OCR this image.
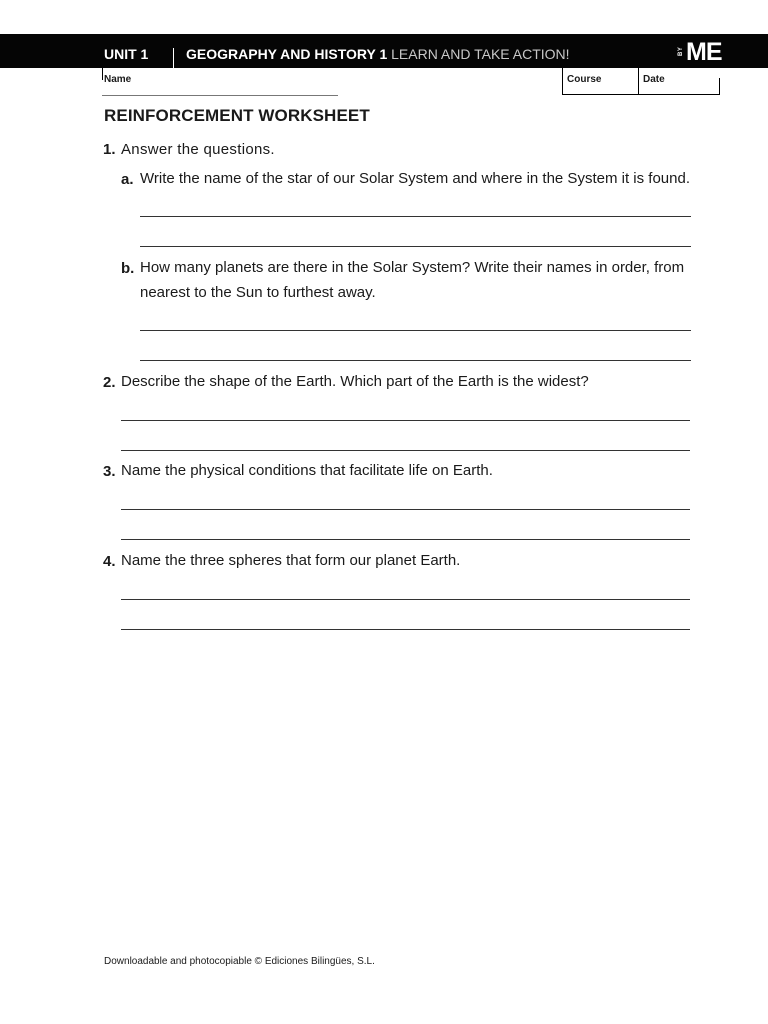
UNIT 1	GEOGRAPHY AND HISTORY 1 LEARN AND TAKE ACTION!	BY ME
Name	Course	Date
REINFORCEMENT WORKSHEET
1. Answer the questions.
a. Write the name of the star of our Solar System and where in the System it is found.
b. How many planets are there in the Solar System? Write their names in order, from nearest to the Sun to furthest away.
2. Describe the shape of the Earth. Which part of the Earth is the widest?
3. Name the physical conditions that facilitate life on Earth.
4. Name the three spheres that form our planet Earth.
Downloadable and photocopiable © Ediciones Bilingües, S.L.
